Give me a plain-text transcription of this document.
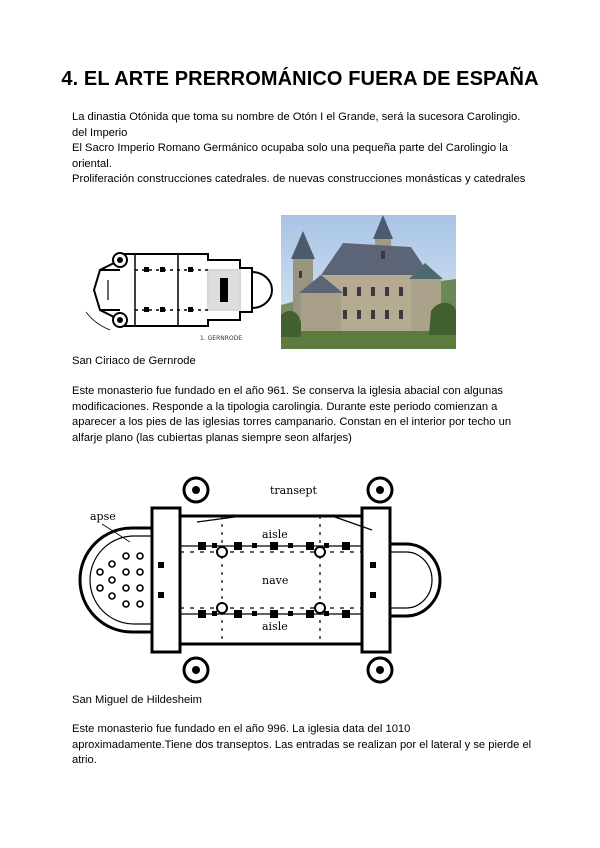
4. EL ARTE PRERROMÁNICO FUERA DE ESPAÑA

La dinastia Otónida que toma su nombre de Otón I el Grande, será la sucesora Carolingio. del Imperio

El Sacro Imperio Romano Germánico ocupaba solo una pequeña parte del Carolingio la oriental.

Proliferación construcciones catedrales. de nuevas construcciones monásticas y catedrales

1. GERNRODE
San Ciriaco de Gernrode
Este monasterio fue fundado en el año 961. Se conserva la iglesia abacial con algunas modificaciones. Responde a la tipologia carolingia. Durante este periodo comienzan a aparecer a los pies de las iglesias torres campanario. Constan en el interior por techo un alfarje plano (las cubiertas planas siempre seon alfarjes)
transept
apse
aisle
nave
aisle
San Miguel de Hildesheim
Este monasterio fue fundado en el año 996. La iglesia data del 1010 aproximadamente.Tiene dos transeptos. Las entradas se realizan por el lateral y se pierde el atrio.
